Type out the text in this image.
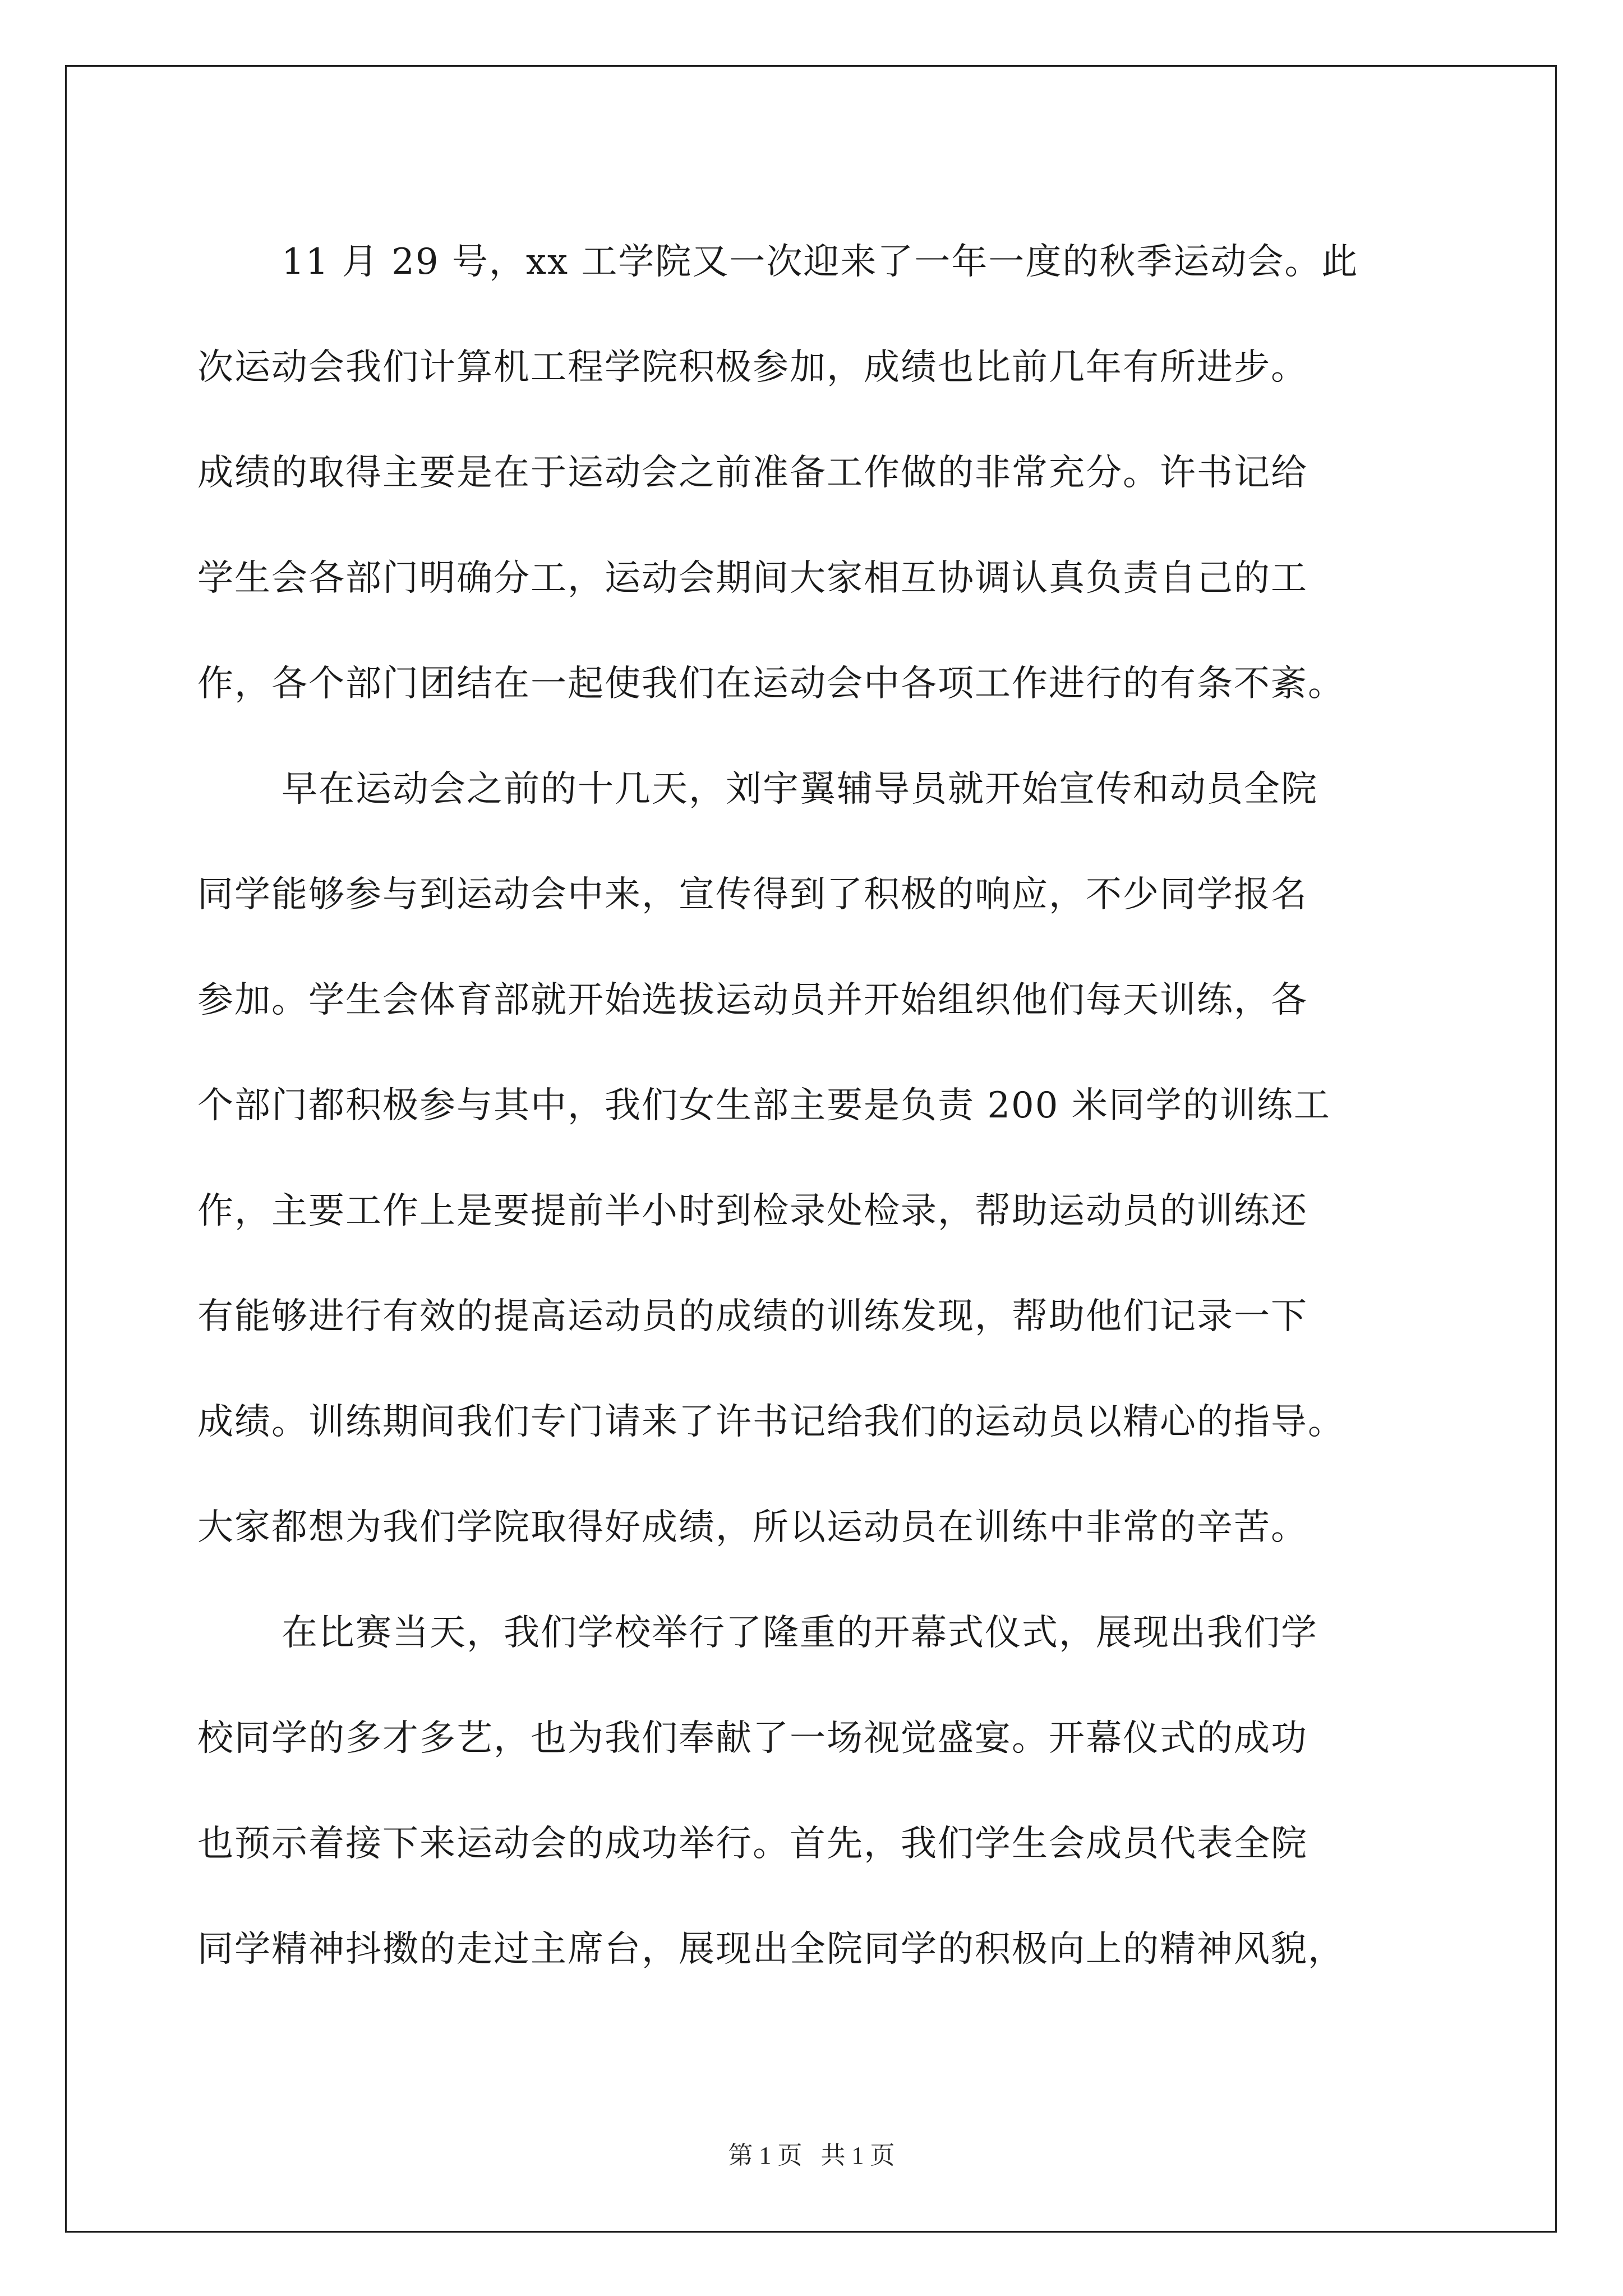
11 月 29 号，xx 工学院又一次迎来了一年一度的秋季运动会。此
次运动会我们计算机工程学院积极参加，成绩也比前几年有所进步。
成绩的取得主要是在于运动会之前准备工作做的非常充分。许书记给
学生会各部门明确分工，运动会期间大家相互协调认真负责自己的工
作，各个部门团结在一起使我们在运动会中各项工作进行的有条不紊。
早在运动会之前的十几天，刘宇翼辅导员就开始宣传和动员全院
同学能够参与到运动会中来，宣传得到了积极的响应，不少同学报名
参加。学生会体育部就开始选拔运动员并开始组织他们每天训练，各
个部门都积极参与其中，我们女生部主要是负责 200 米同学的训练工
作，主要工作上是要提前半小时到检录处检录，帮助运动员的训练还
有能够进行有效的提高运动员的成绩的训练发现，帮助他们记录一下
成绩。训练期间我们专门请来了许书记给我们的运动员以精心的指导。
大家都想为我们学院取得好成绩，所以运动员在训练中非常的辛苦。
在比赛当天，我们学校举行了隆重的开幕式仪式，展现出我们学
校同学的多才多艺，也为我们奉献了一场视觉盛宴。开幕仪式的成功
也预示着接下来运动会的成功举行。首先，我们学生会成员代表全院
同学精神抖擞的走过主席台，展现出全院同学的积极向上的精神风貌，
第 1 页   共 1 页
